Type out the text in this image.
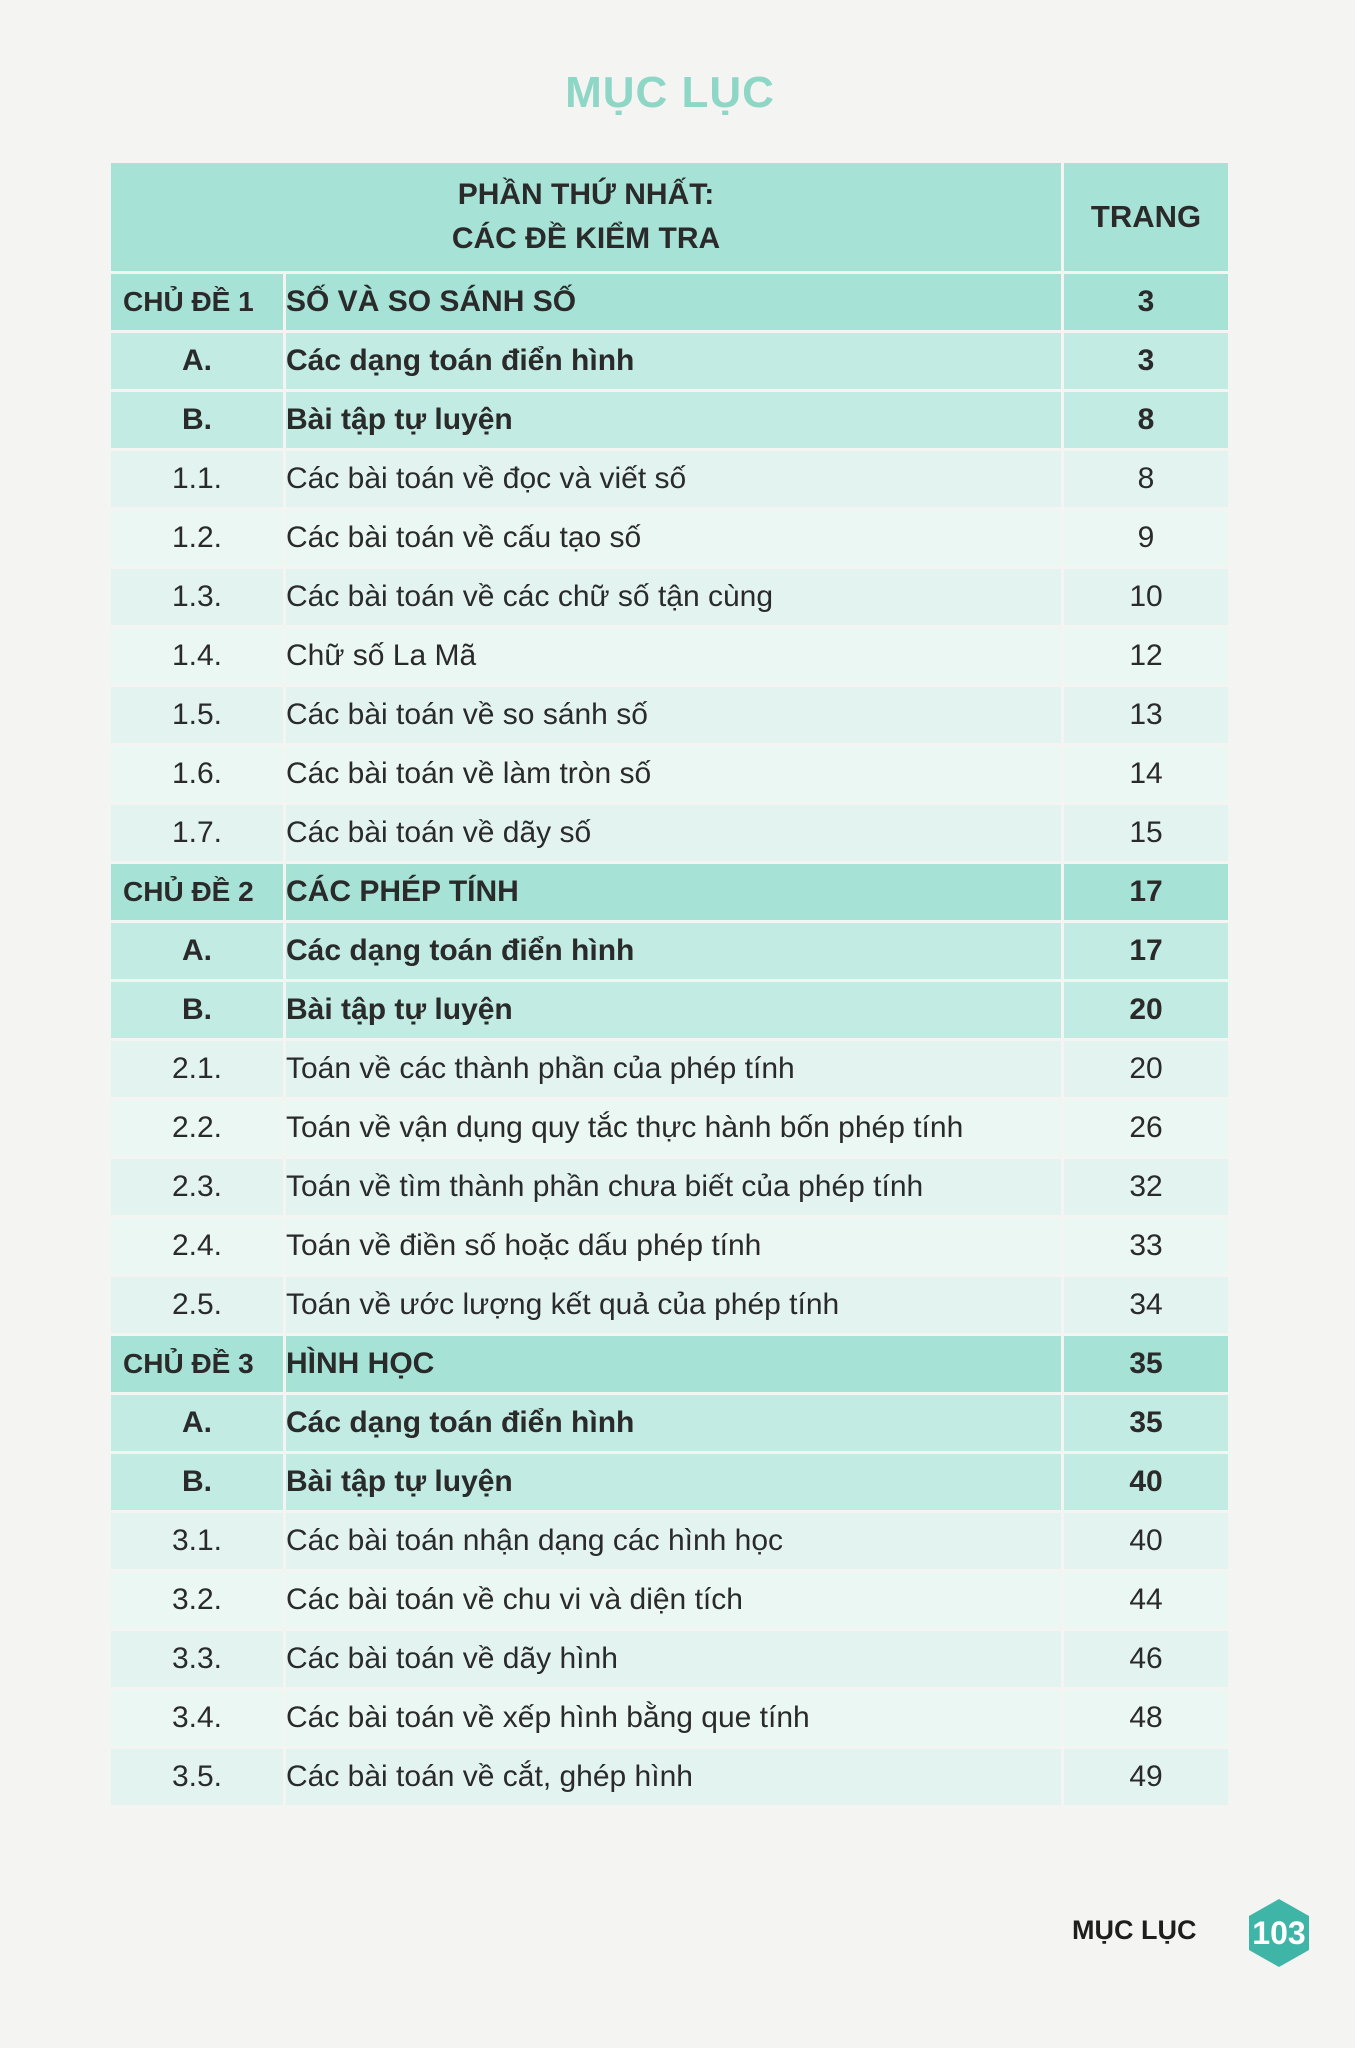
MỤC LỤC
PHẦN THỨ NHẤT:
CÁC ĐỀ KIỂM TRA		TRANG
CHỦ ĐỀ 1	SỐ VÀ SO SÁNH SỐ	3
A.	Các dạng toán điển hình	3
B.	Bài tập tự luyện	8
1.1.	Các bài toán về đọc và viết số	8
1.2.	Các bài toán về cấu tạo số	9
1.3.	Các bài toán về các chữ số tận cùng	10
1.4.	Chữ số La Mã	12
1.5.	Các bài toán về so sánh số	13
1.6.	Các bài toán về làm tròn số	14
1.7.	Các bài toán về dãy số	15
CHỦ ĐỀ 2	CÁC PHÉP TÍNH	17
A.	Các dạng toán điển hình	17
B.	Bài tập tự luyện	20
2.1.	Toán về các thành phần của phép tính	20
2.2.	Toán về vận dụng quy tắc thực hành bốn phép tính	26
2.3.	Toán về tìm thành phần chưa biết của phép tính	32
2.4.	Toán về điền số hoặc dấu phép tính	33
2.5.	Toán về ước lượng kết quả của phép tính	34
CHỦ ĐỀ 3	HÌNH HỌC	35
A.	Các dạng toán điển hình	35
B.	Bài tập tự luyện	40
3.1.	Các bài toán nhận dạng các hình học	40
3.2.	Các bài toán về chu vi và diện tích	44
3.3.	Các bài toán về dãy hình	46
3.4.	Các bài toán về xếp hình bằng que tính	48
3.5.	Các bài toán về cắt, ghép hình	49
MỤC LỤC 103
